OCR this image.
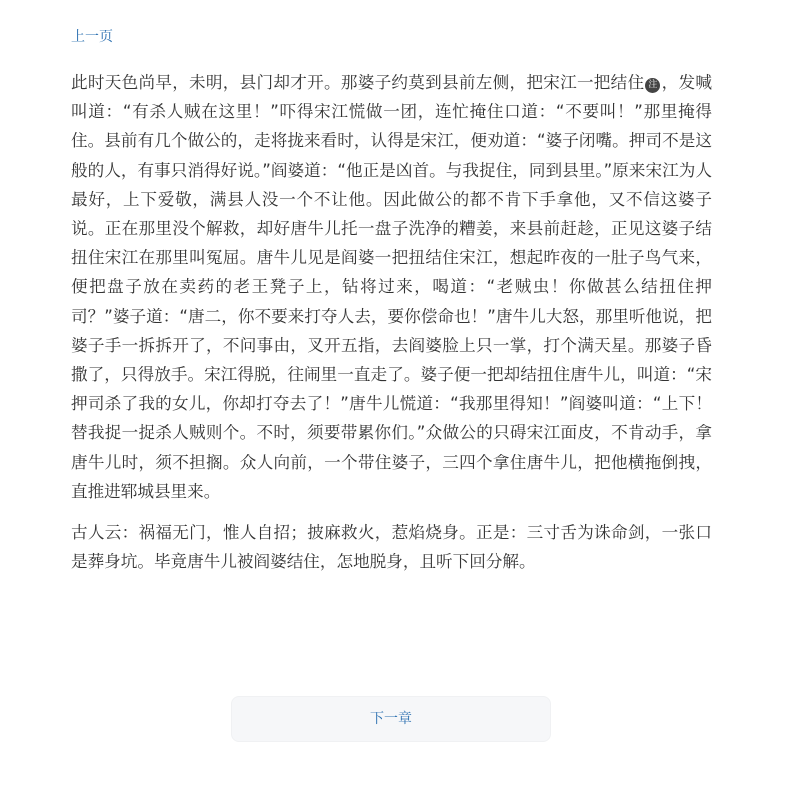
上一页

此时天色尚早，未明，县门却才开。那婆子约莫到县前左侧，把宋江一把结住 注 ，发喊叫道：“有杀人贼在这里！”吓得宋江慌做一团，连忙掩住口道：“不要叫！”那里掩得住。县前有几个做公的，走将拢来看时，认得是宋江，便劝道：“婆子闭嘴。押司不是这般的人，有事只消得好说。”阎婆道：“他正是凶首。与我捉住，同到县里。”原来宋江为人最好，上下爱敬，满县人没一个不让他。因此做公的都不肯下手拿他，又不信这婆子说。正在那里没个解救，却好唐牛儿托一盘子洗净的糟姜，来县前赶趁，正见这婆子结扭住宋江在那里叫冤屈。唐牛儿见是阎婆一把扭结住宋江，想起昨夜的一肚子鸟气来，便把盘子放在卖药的老王凳子上，钻将过来，喝道：“老贼虫！你做甚么结扭住押司？”婆子道：“唐二，你不要来打夺人去，要你偿命也！”唐牛儿大怒，那里听他说，把婆子手一拆拆开了，不问事由，叉开五指，去阎婆脸上只一掌，打个满天星。那婆子昏撒了，只得放手。宋江得脱，往闹里一直走了。婆子便一把却结扭住唐牛儿，叫道：“宋押司杀了我的女儿，你却打夺去了！”唐牛儿慌道：“我那里得知！”阎婆叫道：“上下！替我捉一捉杀人贼则个。不时，须要带累你们。”众做公的只碍宋江面皮，不肯动手，拿唐牛儿时，须不担搁。众人向前，一个带住婆子，三四个拿住唐牛儿，把他横拖倒拽，直推进郓城县里来。

古人云：祸福无门，惟人自招；披麻救火，惹焰烧身。正是：三寸舌为诛命剑，一张口是葬身坑。毕竟唐牛儿被阎婆结住，怎地脱身，且听下回分解。

下一章
